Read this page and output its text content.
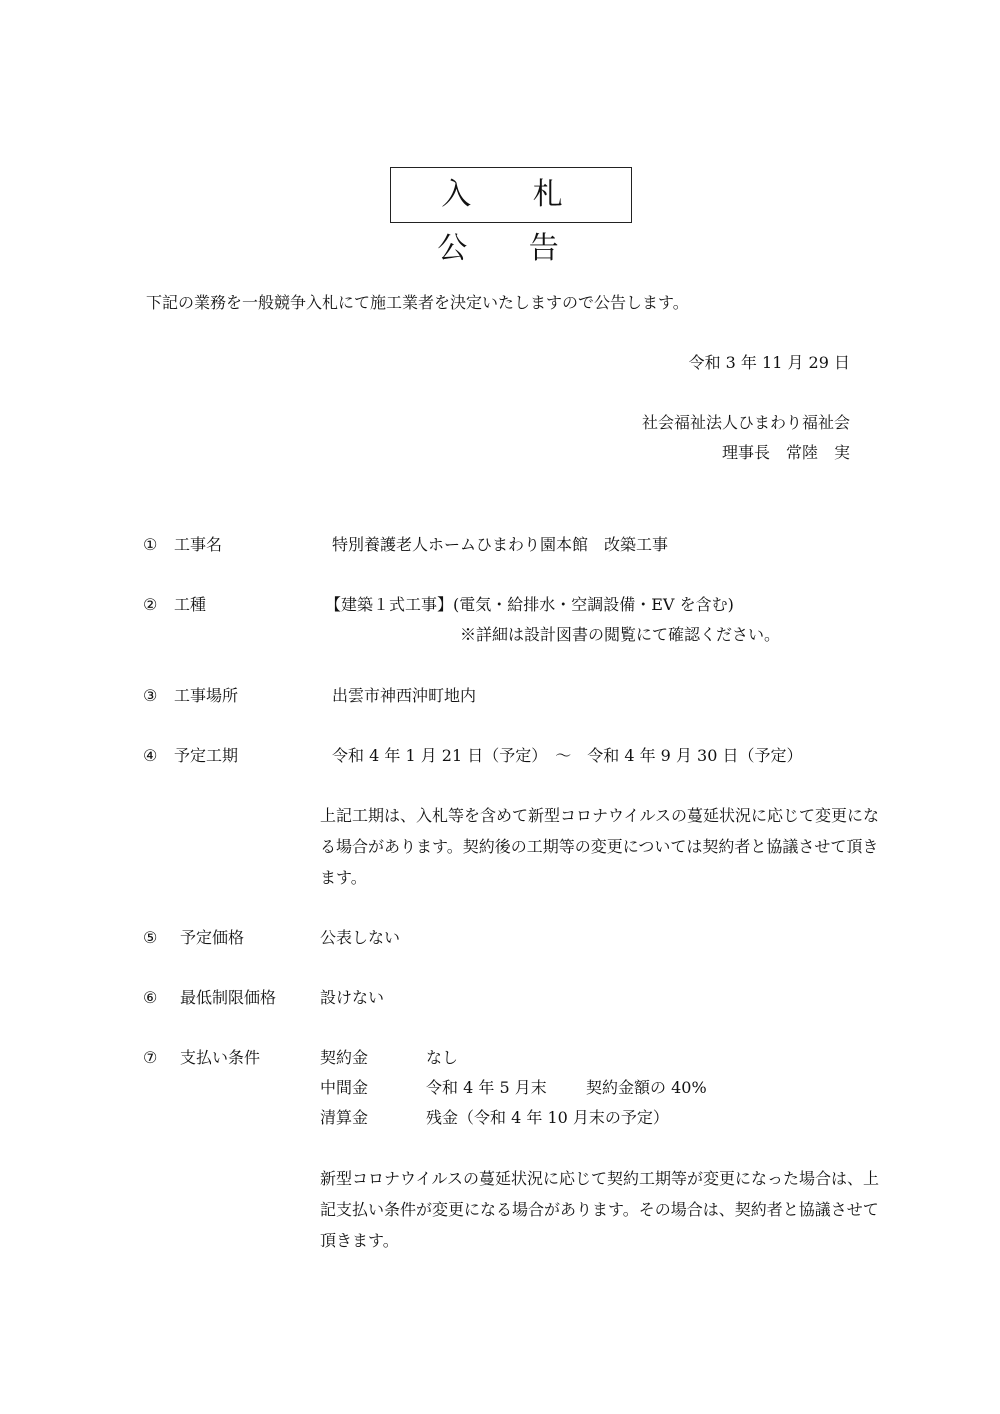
入 札 公 告
下記の業務を一般競争入札にて施工業者を決定いたしますので公告します。
令和 3 年 11 月 29 日
社会福祉法人ひまわり福祉会
理事長　常陸　実
① 工事名	特別養護老人ホームひまわり園本館　改築工事
② 工種	【建築１式工事】(電気・給排水・空調設備・EV を含む)
※詳細は設計図書の閲覧にて確認ください。
③ 工事場所	出雲市神西沖町地内
④ 予定工期	令和 4 年 1 月 21 日（予定）　～　令和 4 年 9 月 30 日（予定）
上記工期は、入札等を含めて新型コロナウイルスの蔓延状況に応じて変更になる場合があります。契約後の工期等の変更については契約者と協議させて頂きます。
⑤ 予定価格	公表しない
⑥ 最低制限価格	設けない
⑦ 支払い条件	契約金	なし
中間金	令和 4 年 5 月末 契約金額の 40%
清算金	残金（令和 4 年 10 月末の予定）
新型コロナウイルスの蔓延状況に応じて契約工期等が変更になった場合は、上記支払い条件が変更になる場合があります。その場合は、契約者と協議させて頂きます。
